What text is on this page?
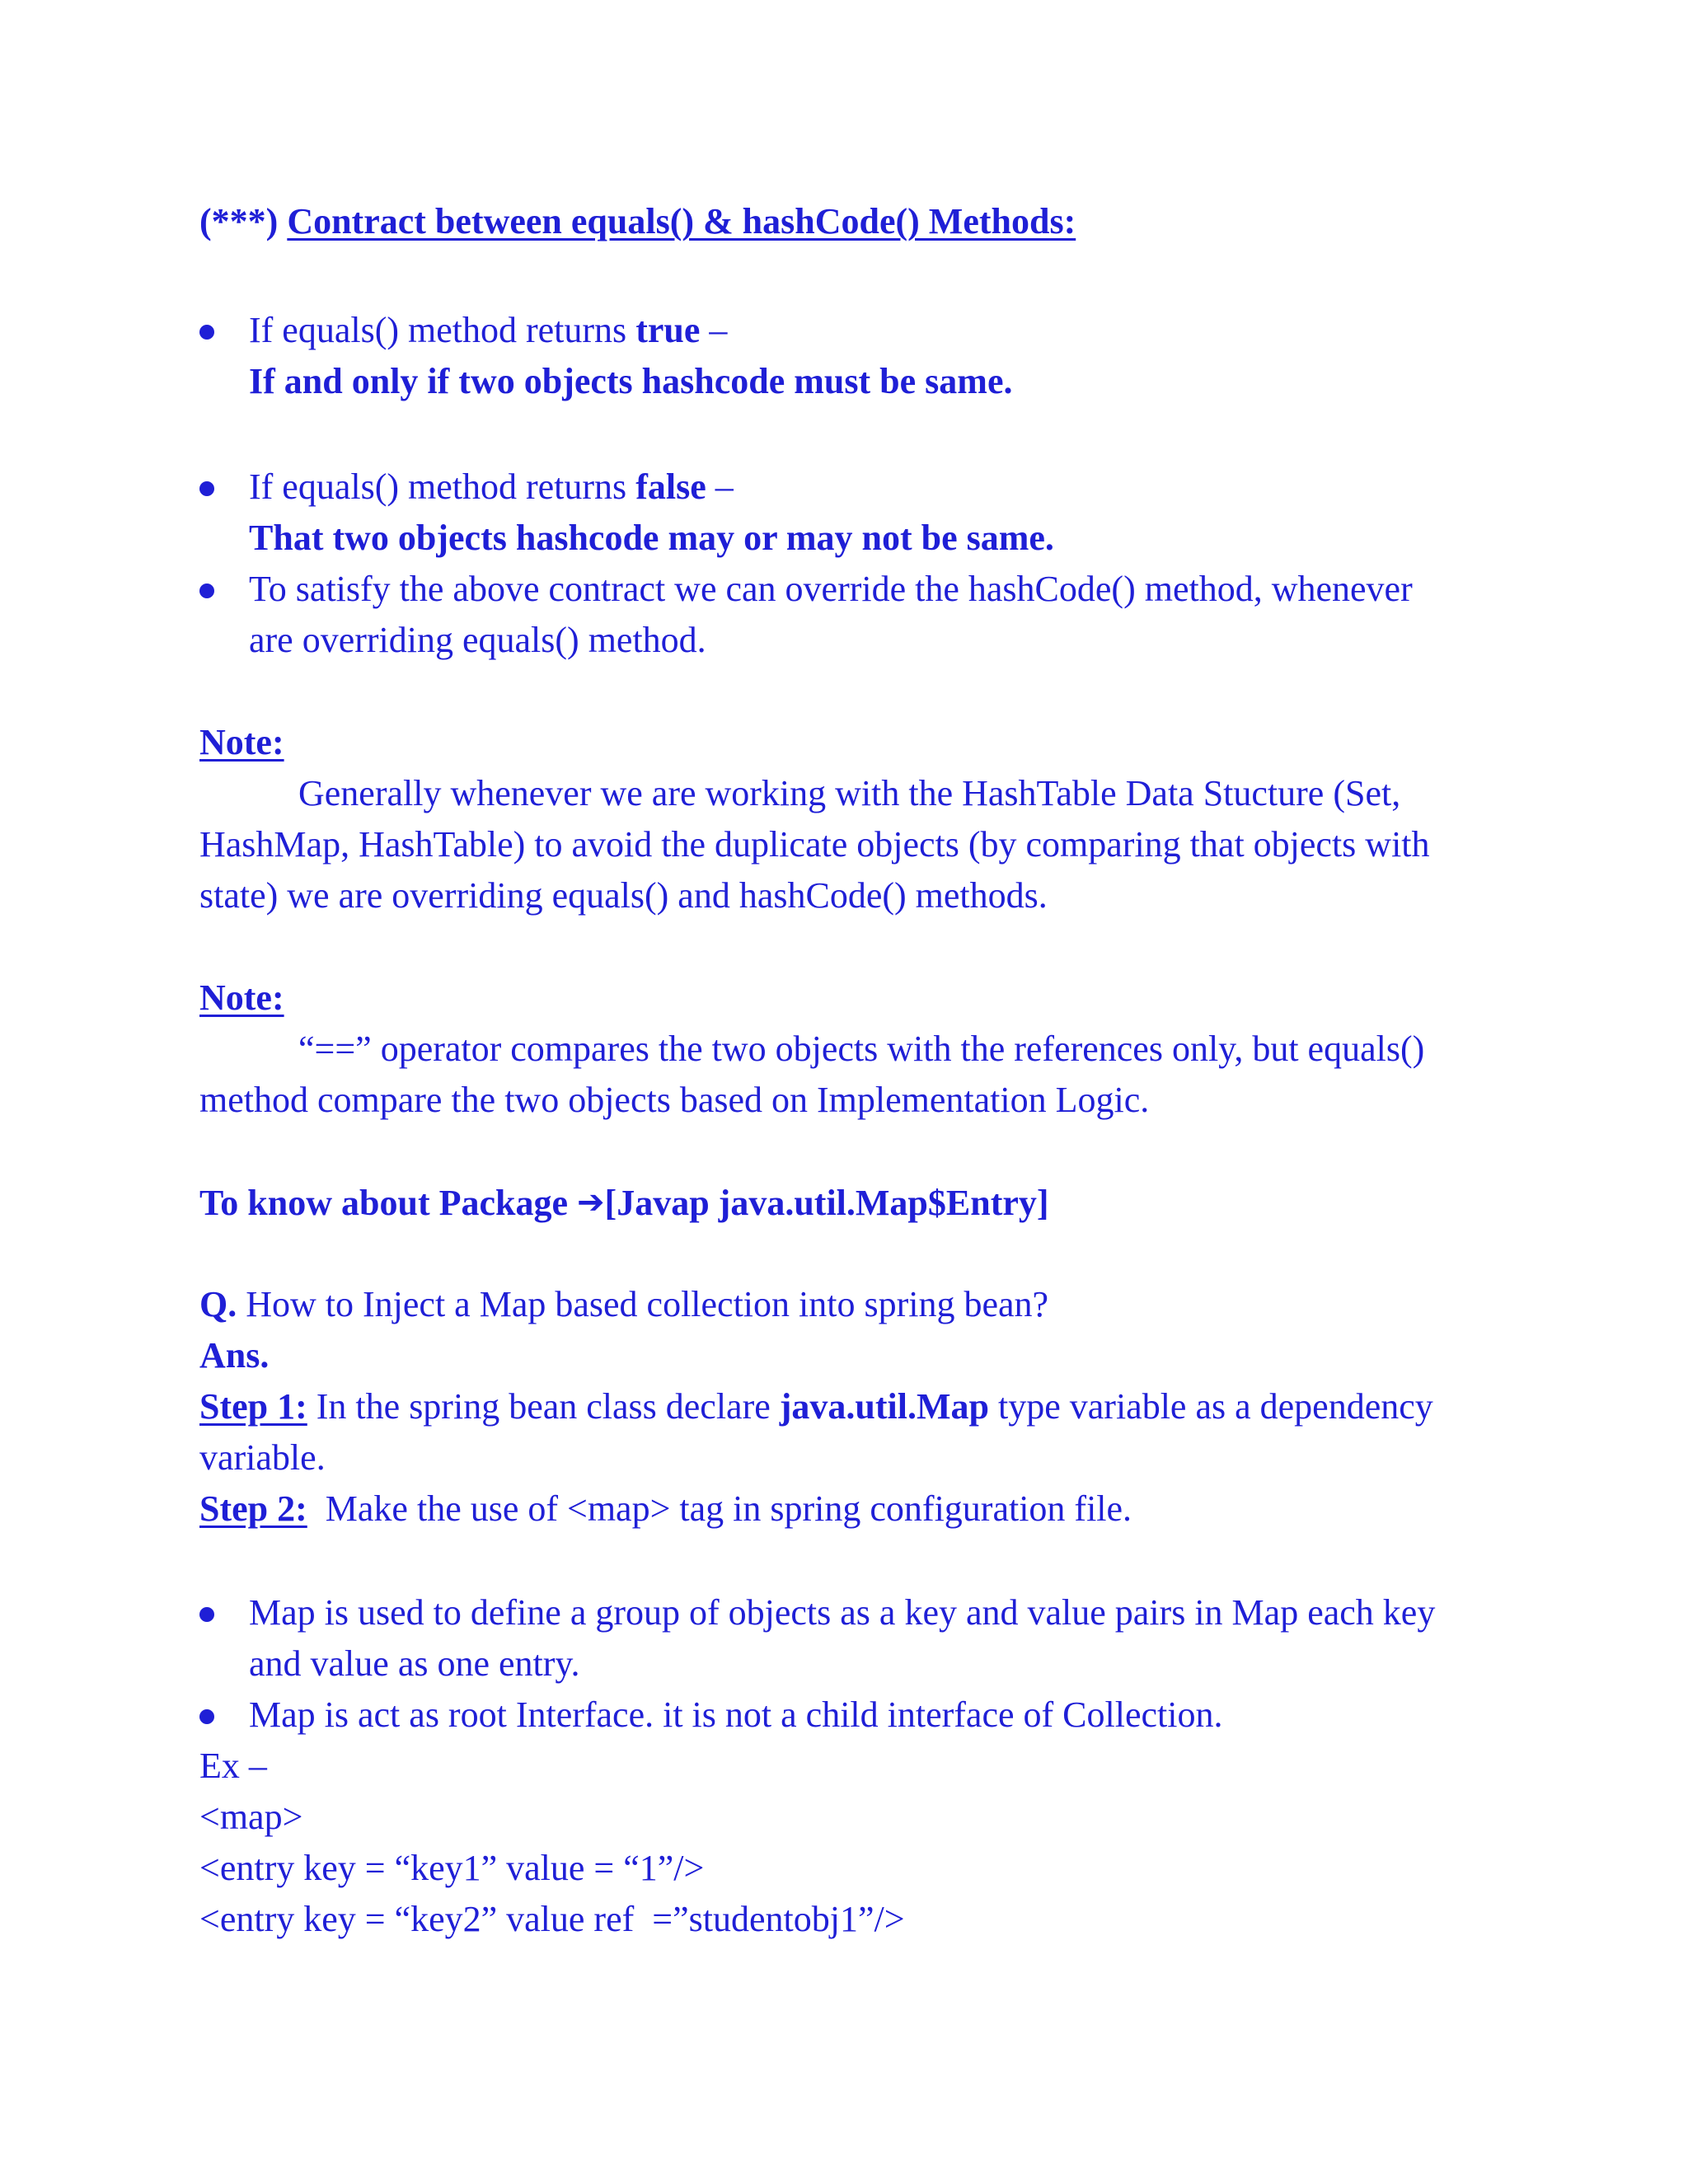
(***) Contract between equals() & hashCode() Methods:
If equals() method returns true –
If and only if two objects hashcode must be same.
If equals() method returns false –
That two objects hashcode may or may not be same.
To satisfy the above contract we can override the hashCode() method, whenever
are overriding equals() method.
Note:
Generally whenever we are working with the HashTable Data Stucture (Set,
HashMap, HashTable) to avoid the duplicate objects (by comparing that objects with
state) we are overriding equals() and hashCode() methods.
Note:
“==” operator compares the two objects with the references only, but equals()
method compare the two objects based on Implementation Logic.
To know about Package ➔[Javap java.util.Map$Entry]
Q. How to Inject a Map based collection into spring bean?
Ans.
Step 1: In the spring bean class declare java.util.Map type variable as a dependency
variable.
Step 2:  Make the use of <map> tag in spring configuration file.
Map is used to define a group of objects as a key and value pairs in Map each key
and value as one entry.
Map is act as root Interface. it is not a child interface of Collection.
Ex –
<map>
<entry key = “key1” value = “1”/>
<entry key = “key2” value ref  =”studentobj1”/>
